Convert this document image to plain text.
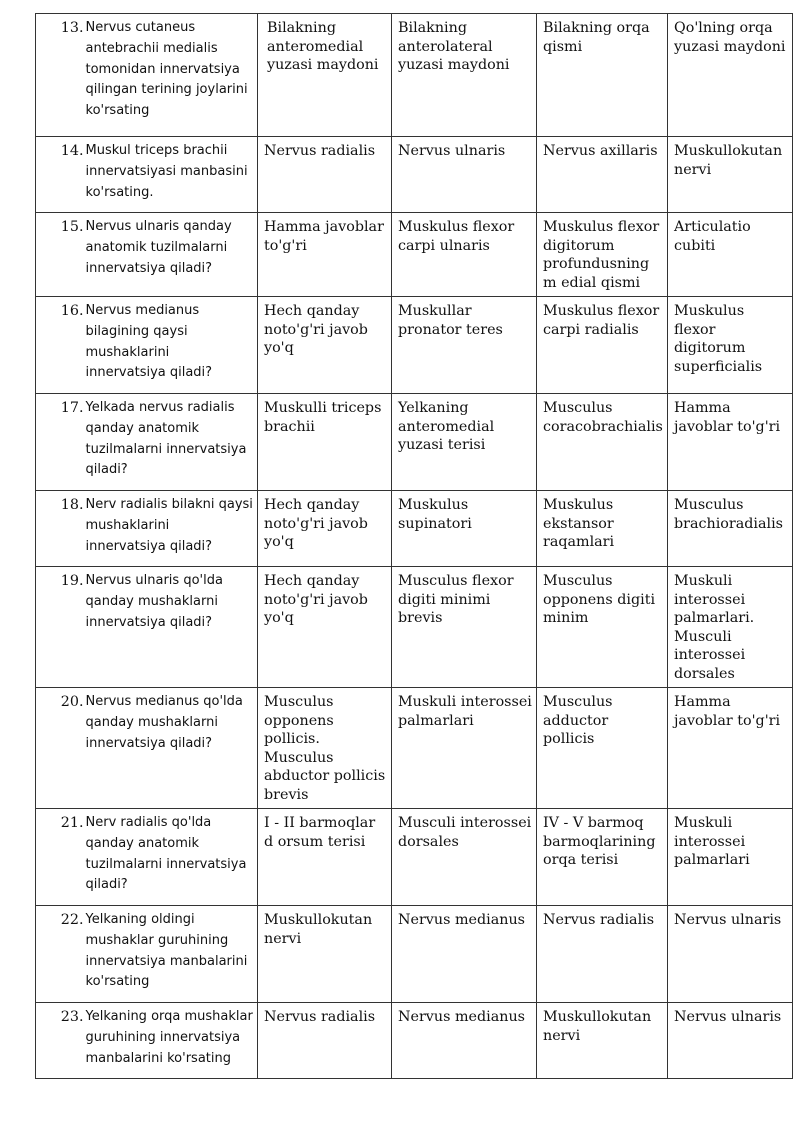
13.	Nervus cutaneus antebrachii medialis tomonidan innervatsiya qilingan terining joylarini ko'rsating	Bilakning anteromedial yuzasi maydoni	Bilakning anterolateral yuzasi maydoni	Bilakning orqa qismi	Qo'lning orqa yuzasi maydoni
14.	Muskul triceps brachii innervatsiyasi manbasini ko'rsating.	Nervus radialis	Nervus ulnaris	Nervus axillaris	Muskullokutan nervi
15.	Nervus ulnaris qanday anatomik tuzilmalarni innervatsiya qiladi?	Hamma javoblar to'g'ri	Muskulus flexor carpi ulnaris	Muskulus flexor digitorum profundusning m edial qismi	Articulatio cubiti
16.	Nervus medianus bilagining qaysi mushaklarini innervatsiya qiladi?	Hech qanday noto'g'ri javob yo'q	Muskullar pronator teres	Muskulus flexor carpi radialis	Muskulus flexor digitorum superficialis
17.	Yelkada nervus radialis qanday anatomik tuzilmalarni innervatsiya qiladi?	Muskulli triceps brachii	Yelkaning anteromedial yuzasi terisi	Musculus coracobrachialis	Hamma javoblar to'g'ri
18.	Nerv radialis bilakni qaysi mushaklarini innervatsiya qiladi?	Hech qanday noto'g'ri javob yo'q	Muskulus supinatori	Muskulus ekstansor raqamlari	Musculus brachioradialis
19.	Nervus ulnaris qo'lda qanday mushaklarni innervatsiya qiladi?	Hech qanday noto'g'ri javob yo'q	Musculus flexor digiti minimi brevis	Musculus opponens digiti minim	Muskuli interossei palmarlari. Musculi interossei dorsales
20.	Nervus medianus qo'lda qanday mushaklarni innervatsiya qiladi?	Musculus opponens pollicis. Musculus abductor pollicis brevis	Muskuli interossei palmarlari	Musculus adductor pollicis	Hamma javoblar to'g'ri
21.	Nerv radialis qo'lda qanday anatomik tuzilmalarni innervatsiya qiladi?	I - II barmoqlar d orsum terisi	Musculi interossei dorsales	IV - V barmoq barmoqlarining orqa terisi	Muskuli interossei palmarlari
22.	Yelkaning oldingi mushaklar guruhining innervatsiya manbalarini ko'rsating	Muskullokutan nervi	Nervus medianus	Nervus radialis	Nervus ulnaris
23.	Yelkaning orqa mushaklar guruhining innervatsiya manbalarini ko'rsating	Nervus radialis	Nervus medianus	Muskullokutan nervi	Nervus ulnaris
